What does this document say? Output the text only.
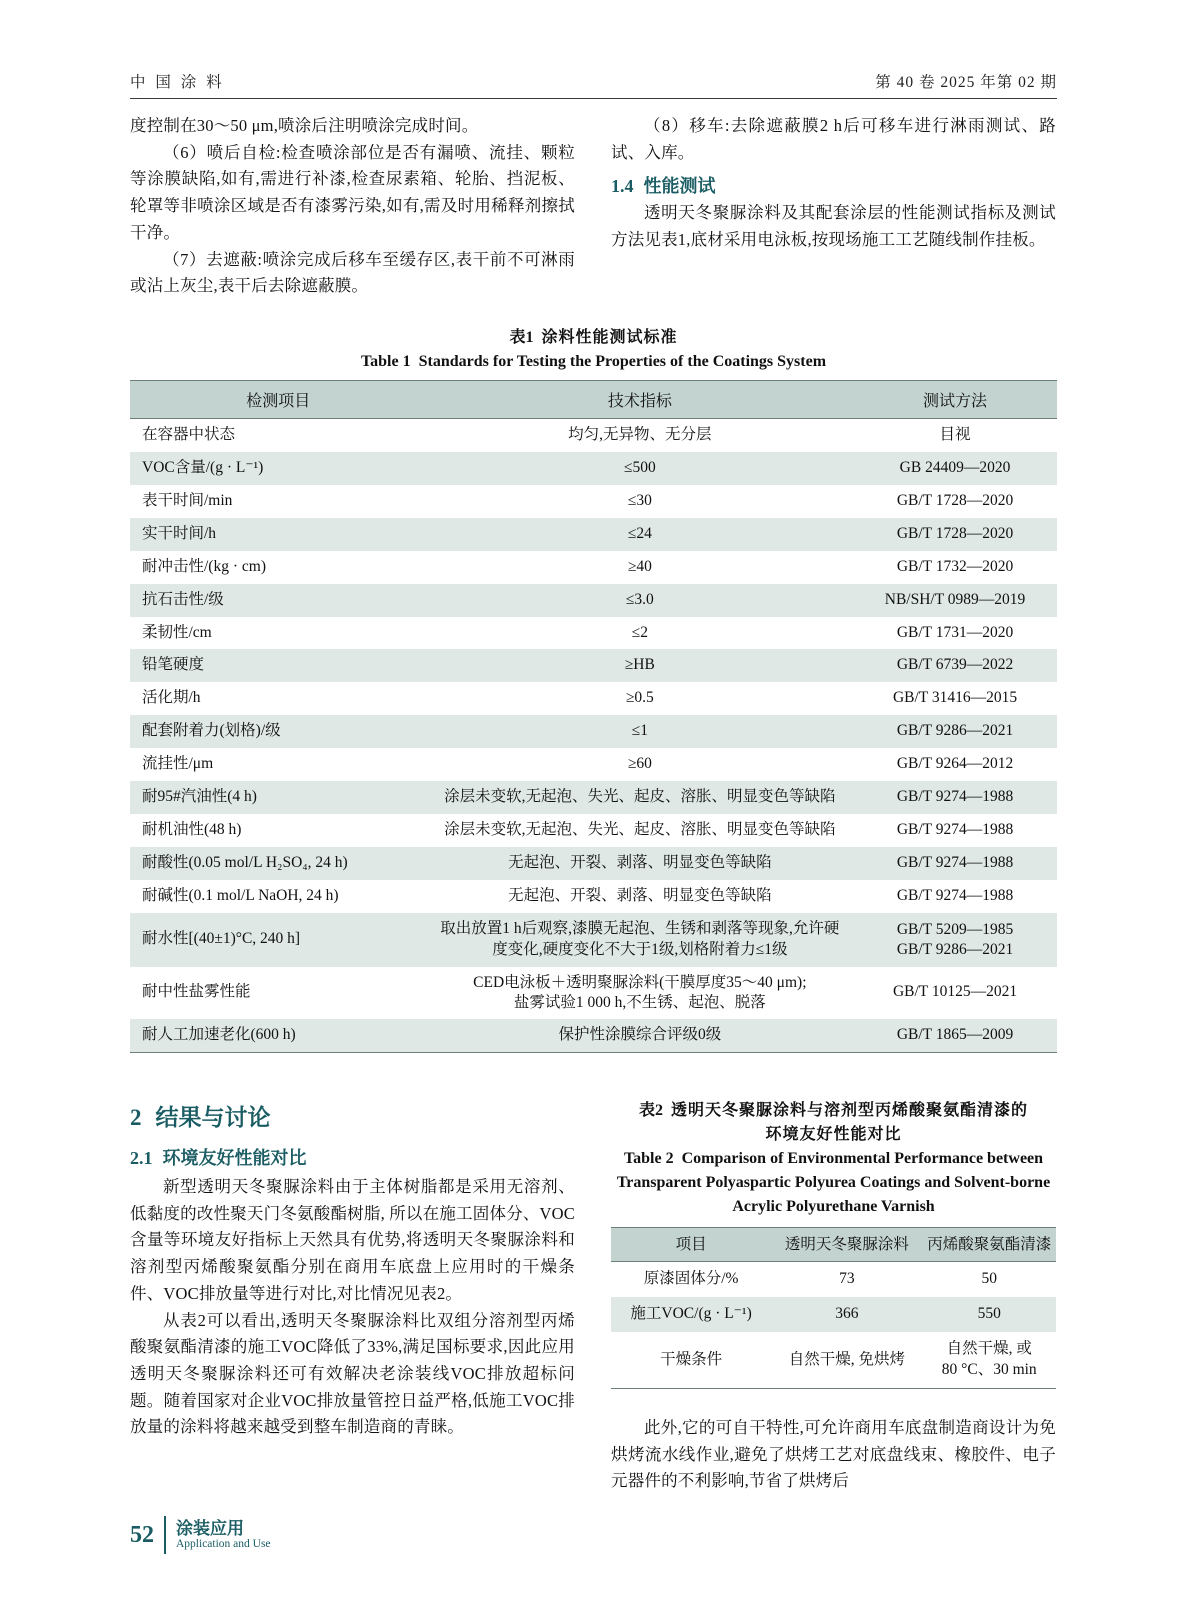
中 国 涂 料	第 40 卷 2025 年第 02 期

度控制在30～50 μm,喷涂后注明喷涂完成时间。

（6）喷后自检:检查喷涂部位是否有漏喷、流挂、颗粒等涂膜缺陷,如有,需进行补漆,检查尿素箱、轮胎、挡泥板、轮罩等非喷涂区域是否有漆雾污染,如有,需及时用稀释剂擦拭干净。

（7）去遮蔽:喷涂完成后移车至缓存区,表干前不可淋雨或沾上灰尘,表干后去除遮蔽膜。

（8）移车:去除遮蔽膜2 h后可移车进行淋雨测试、路试、入库。

1.4 性能测试

透明天冬聚脲涂料及其配套涂层的性能测试指标及测试方法见表1,底材采用电泳板,按现场施工工艺随线制作挂板。

表1 涂料性能测试标准
Table 1 Standards for Testing the Properties of the Coatings System
检测项目	技术指标	测试方法
在容器中状态	均匀,无异物、无分层	目视
VOC含量/(g · L⁻¹)	≤500	GB 24409—2020
表干时间/min	≤30	GB/T 1728—2020
实干时间/h	≤24	GB/T 1728—2020
耐冲击性/(kg · cm)	≥40	GB/T 1732—2020
抗石击性/级	≤3.0	NB/SH/T 0989—2019
柔韧性/cm	≤2	GB/T 1731—2020
铅笔硬度	≥HB	GB/T 6739—2022
活化期/h	≥0.5	GB/T 31416—2015
配套附着力(划格)/级	≤1	GB/T 9286—2021
流挂性/μm	≥60	GB/T 9264—2012
耐95#汽油性(4 h)	涂层未变软,无起泡、失光、起皮、溶胀、明显变色等缺陷	GB/T 9274—1988
耐机油性(48 h)	涂层未变软,无起泡、失光、起皮、溶胀、明显变色等缺陷	GB/T 9274—1988
耐酸性(0.05 mol/L H₂SO₄, 24 h)	无起泡、开裂、剥落、明显变色等缺陷	GB/T 9274—1988
耐碱性(0.1 mol/L NaOH, 24 h)	无起泡、开裂、剥落、明显变色等缺陷	GB/T 9274—1988
耐水性[(40±1)°C, 240 h]	取出放置1 h后观察,漆膜无起泡、生锈和剥落等现象,允许硬度变化,硬度变化不大于1级,划格附着力≤1级	GB/T 5209—1985
GB/T 9286—2021
耐中性盐雾性能	CED电泳板＋透明聚脲涂料(干膜厚度35～40 μm);
盐雾试验1 000 h,不生锈、起泡、脱落	GB/T 10125—2021
耐人工加速老化(600 h)	保护性涂膜综合评级0级	GB/T 1865—2009
2 结果与讨论
2.1 环境友好性能对比

新型透明天冬聚脲涂料由于主体树脂都是采用无溶剂、低黏度的改性聚天门冬氨酸酯树脂, 所以在施工固体分、VOC含量等环境友好指标上天然具有优势,将透明天冬聚脲涂料和溶剂型丙烯酸聚氨酯分别在商用车底盘上应用时的干燥条件、VOC排放量等进行对比,对比情况见表2。

从表2可以看出,透明天冬聚脲涂料比双组分溶剂型丙烯酸聚氨酯清漆的施工VOC降低了33%,满足国标要求,因此应用透明天冬聚脲涂料还可有效解决老涂装线VOC排放超标问题。随着国家对企业VOC排放量管控日益严格,低施工VOC排放量的涂料将越来越受到整车制造商的青睐。

表2 透明天冬聚脲涂料与溶剂型丙烯酸聚氨酯清漆的
环境友好性能对比
Table 2 Comparison of Environmental Performance between Transparent Polyaspartic Polyurea Coatings and Solvent-borne Acrylic Polyurethane Varnish
项目	透明天冬聚脲涂料	丙烯酸聚氨酯清漆
原漆固体分/%	73	50
施工VOC/(g · L⁻¹)	366	550
干燥条件	自然干燥, 免烘烤	自然干燥, 或
80 °C、30 min

此外,它的可自干特性,可允许商用车底盘制造商设计为免烘烤流水线作业,避免了烘烤工艺对底盘线束、橡胶件、电子元器件的不利影响,节省了烘烤后

52 涂装应用
Application and Use
